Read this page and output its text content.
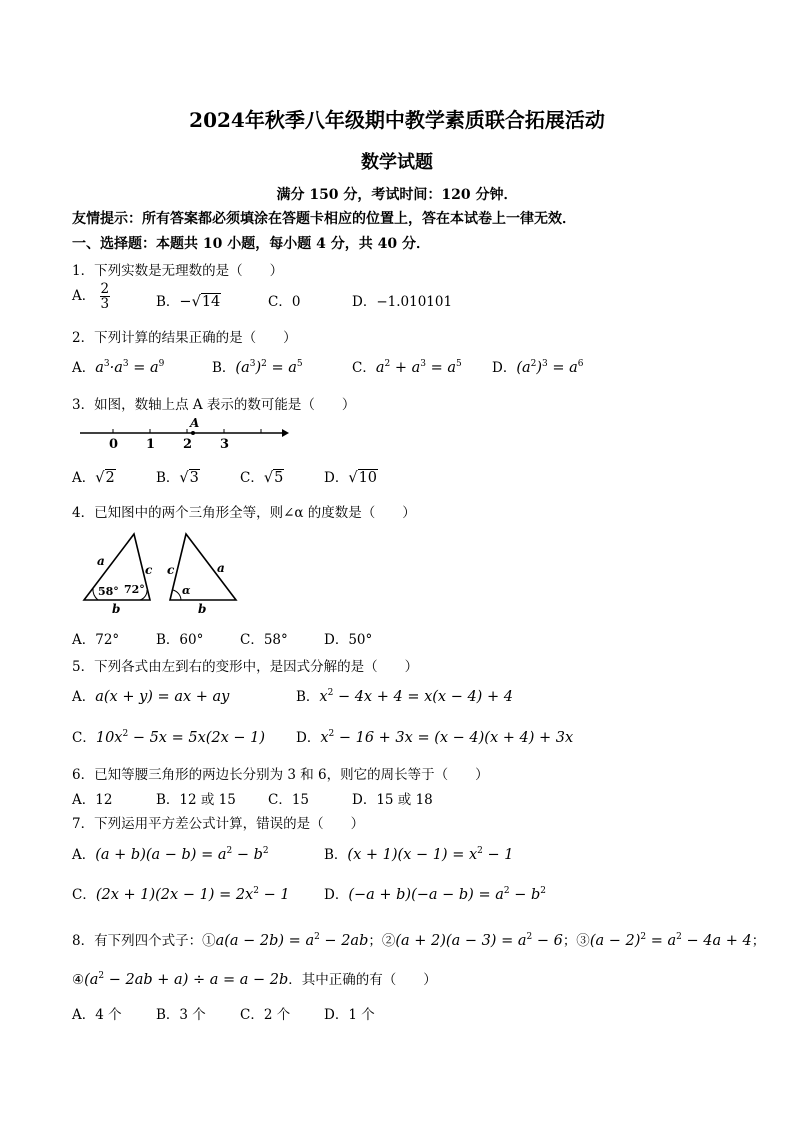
2024年秋季八年级期中教学素质联合拓展活动
数学试题
满分 150 分，考试时间：120 分钟．
友情提示：所有答案都必须填涂在答题卡相应的位置上，答在本试卷上一律无效．
一、选择题：本题共 10 小题，每小题 4 分，共 40 分．
1．下列实数是无理数的是（　　）
A． $\frac{2}{3}$	B．−√14	C．0	D．−1.010101
2．下列计算的结果正确的是（　　）
A．$a^3\cdot a^3 = a^9$	B．$(a^3)^2 = a^5$	C．$a^2 + a^3 = a^5$ D．$(a^2)^3 = a^6$
3．如图，数轴上点 A 表示的数可能是（　　）
0 1 2 3
A
A．√2	B．√3	C．√5	D．√10
4．已知图中的两个三角形全等，则∠α 的度数是（　　）
a
c
b
58° 72°
c	a
b
α
A．72°	B．60°	C．58°	D．50°
5．下列各式由左到右的变形中，是因式分解的是（　　）
A．a(x + y) = ax + ay	B．$x^2 - 4x + 4 = x(x - 4) + 4$
C．$10x^2 - 5x = 5x(2x - 1)$ D．$x^2 - 16 + 3x = (x - 4)(x + 4) + 3x$
6．已知等腰三角形的两边长分别为 3 和 6，则它的周长等于（　　）
A．12	B．12 或 15 C．15	D．15 或 18
7．下列运用平方差公式计算，错误的是（　　）
A．$(a + b)(a - b) = a^2 - b^2$	B．$(x + 1)(x - 1) = x^2 - 1$
C．$(2x + 1)(2x - 1) = 2x^2 - 1$	D．$(-a + b)(-a - b) = a^2 - b^2$
8．有下列四个式子：①a(a − $2b) = a^2 - 2ab$；②(a + $2)(a - 3) = a^2 - 6$；③(a − $2)^2 = a^2 - 4a + 4$；
$④(a^2 - 2ab + a) \div a = a - 2b$．其中正确的有（　　）
A．4 个	B．3 个	C．2 个	D．1 个
